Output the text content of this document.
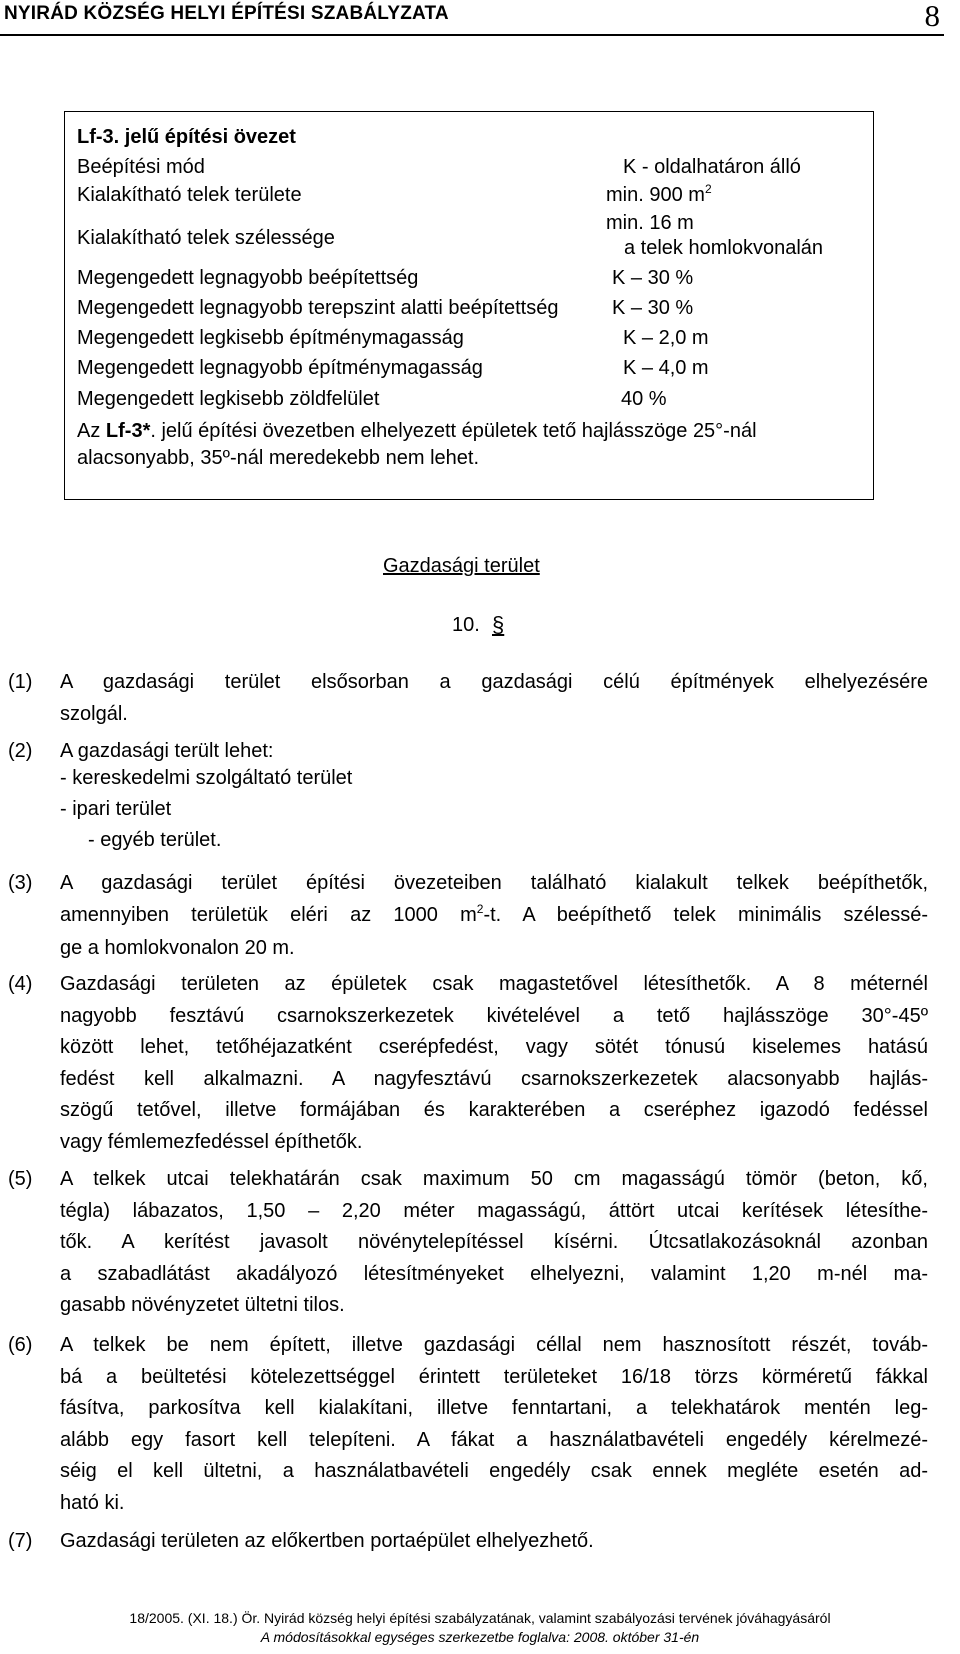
NYIRÁD KÖZSÉG HELYI ÉPÍTÉSI SZABÁLYZATA	8
Lf-3. jelű építési övezet
Beépítési mód	K - oldalhatáron álló
Kialakítható telek területe	min. 900 $m^2$
Kialakítható telek szélessége
min. 16 m
a telek homlokvonalán
Megengedett legnagyobb beépítettség	K – 30 %
Megengedett legnagyobb terepszint alatti beépítettség	K – 30 %
Megengedett legkisebb építménymagasság	K – 2,0 m
Megengedett legnagyobb építménymagasság	K – 4,0 m
Megengedett legkisebb zöldfelület	40 %
Az Lf-3*. jelű építési övezetben elhelyezett épületek tető hajlásszöge 25°-nál
alacsonyabb, 35º-nál meredekebb nem lehet.
Gazdasági terület
10. §
(1) A gazdasági terület elsősorban a gazdasági célú építmények elhelyezésére
szolgál.
(2) A gazdasági terült lehet:
- kereskedelmi szolgáltató terület
- ipari terület
- egyéb terület.
(3) A gazdasági terület építési övezeteiben található kialakult telkek beépíthetők,
amennyiben területük eléri az 1000 $m^2-t$. A beépíthető telek minimális szélessé-
ge a homlokvonalon 20 m.
(4) Gazdasági területen az épületek csak magastetővel létesíthetők. A 8 méternél
nagyobb fesztávú csarnokszerkezetek kivételével a tető hajlásszöge 30°-45º
között lehet, tetőhéjazatként cserépfedést, vagy sötét tónusú kiselemes hatású
fedést kell alkalmazni. A nagyfesztávú csarnokszerkezetek alacsonyabb hajlás-
szögű tetővel, illetve formájában és karakterében a cseréphez igazodó fedéssel
vagy fémlemezfedéssel építhetők.
(5) A telkek utcai telekhatárán csak maximum 50 cm magasságú tömör (beton, kő,
tégla) lábazatos, 1,50 – 2,20 méter magasságú, áttört utcai kerítések létesíthe-
tők. A kerítést javasolt növénytelepítéssel kísérni. Útcsatlakozásoknál azonban
a szabadlátást akadályozó létesítményeket elhelyezni, valamint 1,20 m-nél ma-
gasabb növényzetet ültetni tilos.
(6) A telkek be nem épített, illetve gazdasági céllal nem hasznosított részét, továb-
bá a beültetési kötelezettséggel érintett területeket 16/18 törzs körméretű fákkal
fásítva, parkosítva kell kialakítani, illetve fenntartani, a telekhatárok mentén leg-
alább egy fasort kell telepíteni. A fákat a használatbavételi engedély kérelmezé-
séig el kell ültetni, a használatbavételi engedély csak ennek megléte esetén ad-
ható ki.
(7) Gazdasági területen az előkertben portaépület elhelyezhető.
18/2005. (XI. 18.) Ör. Nyirád község helyi építési szabályzatának, valamint szabályozási tervének jóváhagyásáról
A módosításokkal egységes szerkezetbe foglalva: 2008. október 31-én
